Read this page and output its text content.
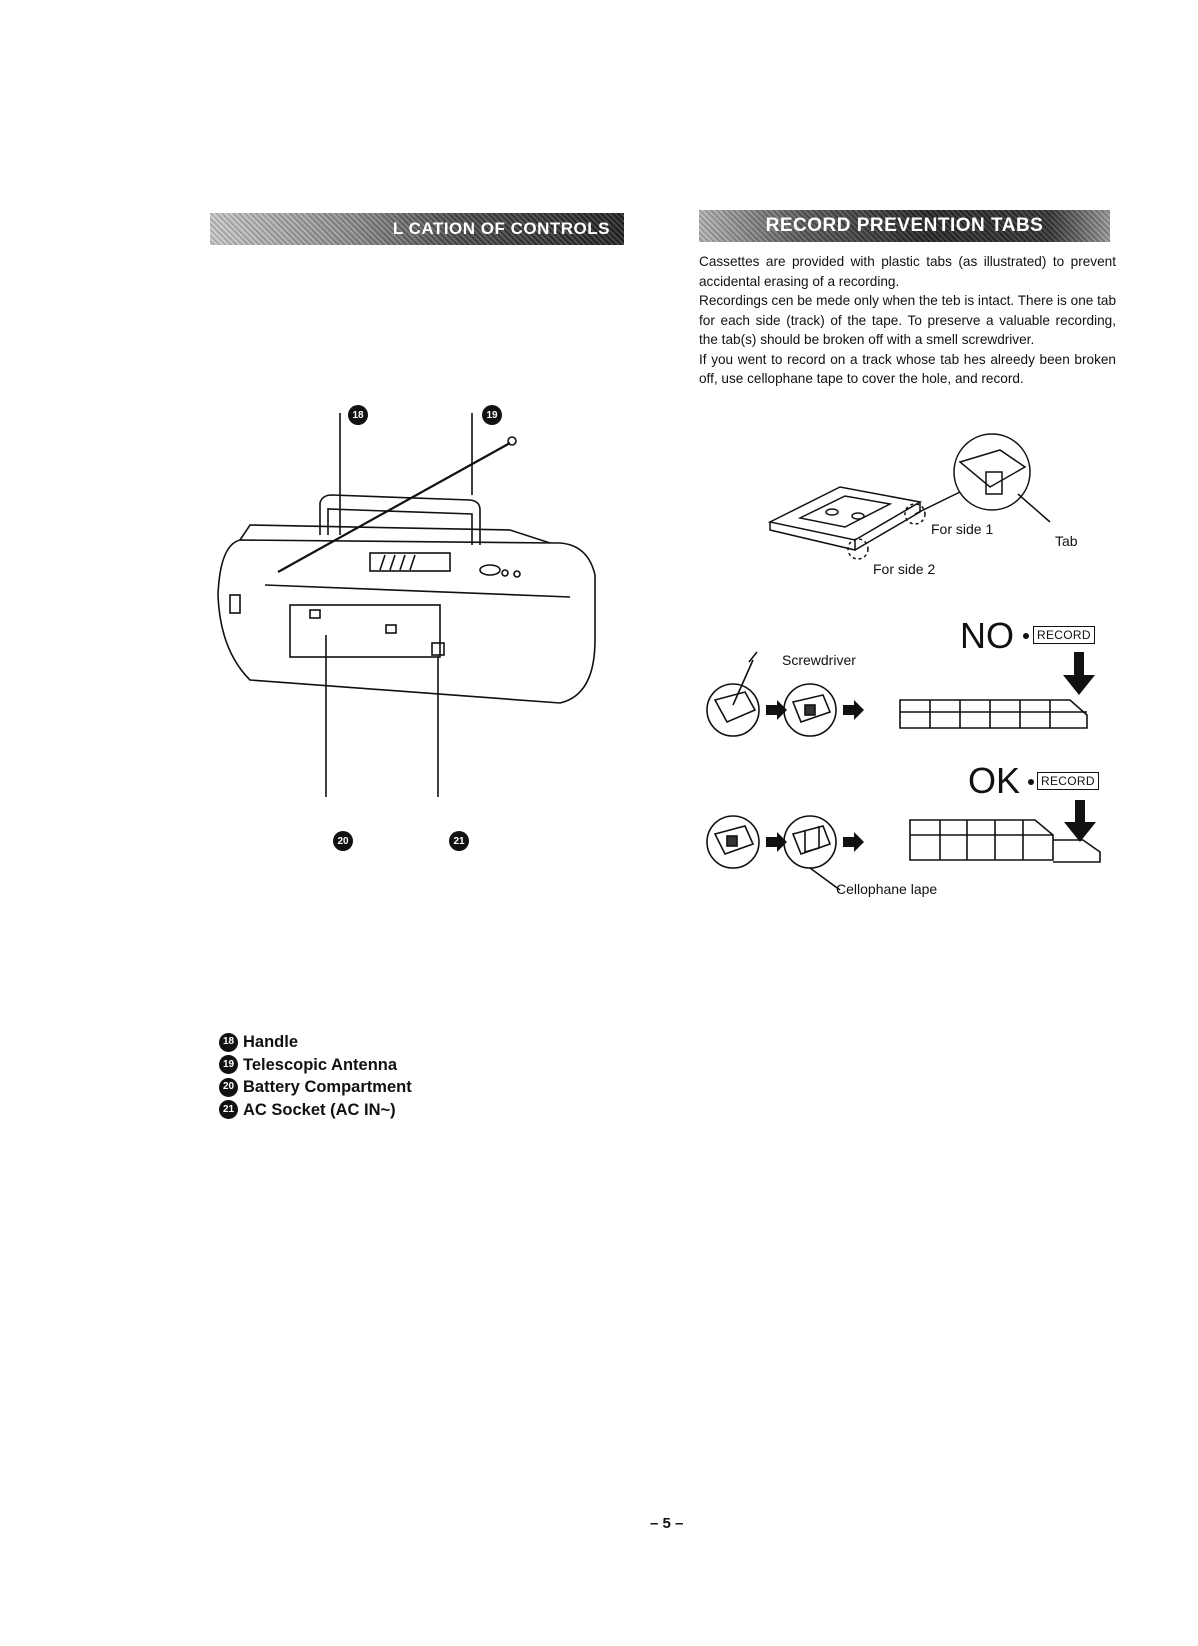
L CATION OF CONTROLS	RECORD PREVENTION TABS

Cassettes are provided with plastic tabs (as illustrated) to prevent accidental erasing of a recording.

Recordings cen be mede only when the teb is intact. There is one tab for each side (track) of the tape. To preserve a valuable recording, the tab(s) should be broken off with a smell screwdriver.

If you went to record on a track whose tab hes alreedy been broken off, use cellophane tape to cover the hole, and record.

18	19
20	21
18 Handle
19 Telescopic Antenna
20 Battery Compartment
21 AC Socket (AC IN~)
For side 1
Tab
For side 2
NO	RECORD
Screwdriver
OK	RECORD
Cellophane lape
– 5 –
